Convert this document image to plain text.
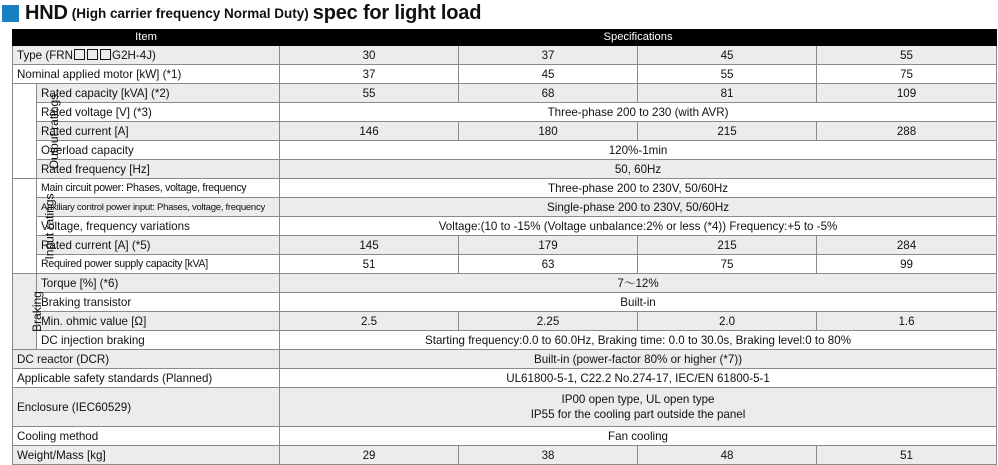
HND (High carrier frequency Normal Duty) spec for light load
Item		Specifications			
Type (FRN G2H-4J)		30	37	45	55
Nominal applied motor [kW] (*1)		37	45	55	75
Output ratings	Rated capacity [kVA] (*2)	55	68	81	109
	Rated voltage [V] (*3)	Three-phase 200 to 230 (with AVR)			
	Rated current [A]	146	180	215	288
	Overload capacity	120%-1min			
	Rated frequency [Hz]	50, 60Hz			
Input ratings	Main circuit power: Phases, voltage, frequency	Three-phase 200 to 230V, 50/60Hz			
	Auxiliary control power input: Phases, voltage, frequency	Single-phase 200 to 230V, 50/60Hz			
	Voltage, frequency variations	Voltage:(10 to -15% (Voltage unbalance:2% or less (*4)) Frequency:+5 to -5%			
	Rated current [A] (*5)	145	179	215	284
	Required power supply capacity [kVA]	51	63	75	99
Braking	Torque [%] (*6)	7～12%			
	Braking transistor	Built-in			
	Min. ohmic value [Ω]	2.5	2.25	2.0	1.6
	DC injection braking	Starting frequency:0.0 to 60.0Hz, Braking time: 0.0 to 30.0s, Braking level:0 to 80%			
DC reactor (DCR)		Built-in (power-factor 80% or higher (*7))			
Applicable safety standards (Planned)		UL61800-5-1, C22.2 No.274-17, IEC/EN 61800-5-1			
Enclosure (IEC60529)		IP00 open type, UL open type
IP55 for the cooling part outside the panel			

Cooling method		Fan cooling			
Weight/Mass [kg]		29	38	48	51
